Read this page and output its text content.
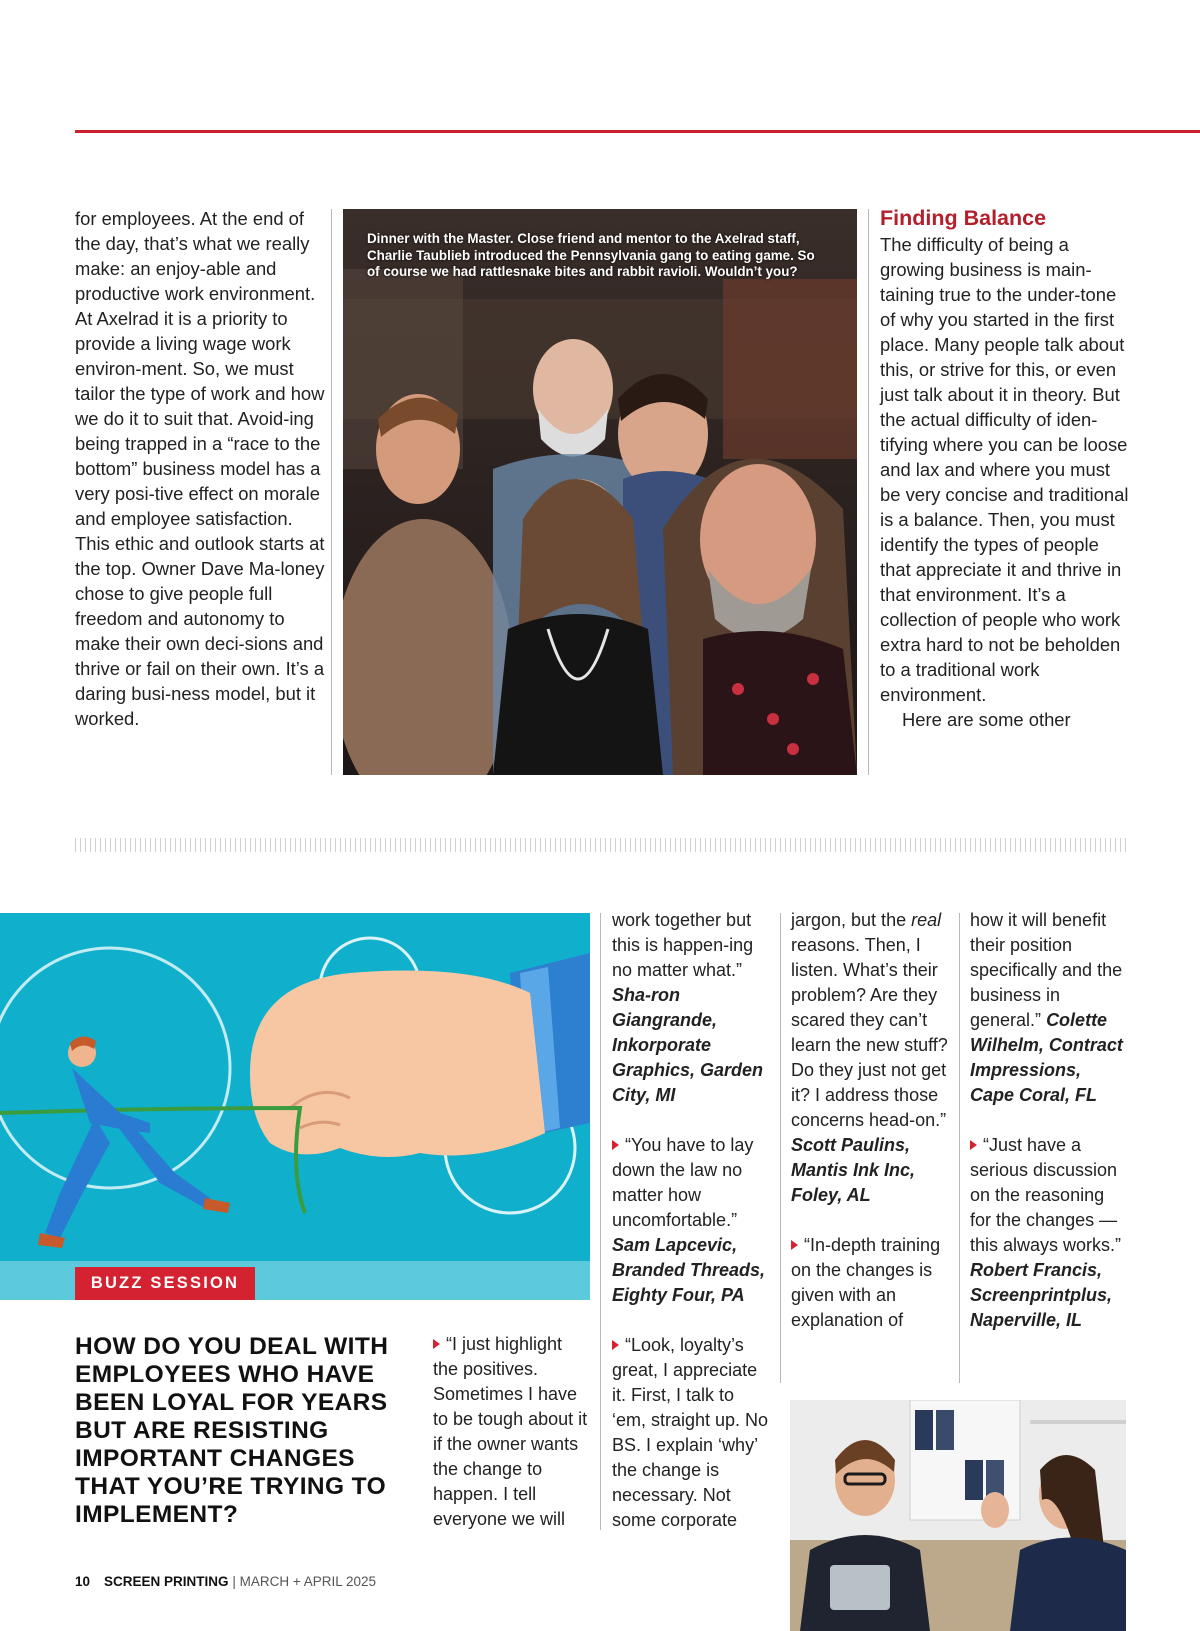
for employees. At the end of the day, that’s what we really make: an enjoy-able and productive work environment. At Axelrad it is a priority to provide a living wage work environ-ment. So, we must tailor the type of work and how we do it to suit that. Avoid-ing being trapped in a “race to the bottom” business model has a very posi-tive effect on morale and employee satisfaction. This ethic and outlook starts at the top. Owner Dave Ma-loney chose to give people full freedom and autonomy to make their own deci-sions and thrive or fail on their own. It’s a daring busi-ness model, but it worked.

Dinner with the Master. Close friend and mentor to the Axelrad staff, Charlie Taublieb introduced the Pennsylvania gang to eating game. So of course we had rattlesnake bites and rabbit ravioli. Wouldn’t you?
Finding Balance

The difficulty of being a growing business is main-taining true to the under-tone of why you started in the first place. Many people talk about this, or strive for this, or even just talk about it in theory. But the actual difficulty of iden-tifying where you can be loose and lax and where you must be very concise and traditional is a balance. Then, you must identify the types of people that appreciate it and thrive in that environment. It’s a collection of people who work extra hard to not be beholden to a traditional work environment.

Here are some other

BUZZ SESSION
HOW DO YOU DEAL WITH EMPLOYEES WHO HAVE BEEN LOYAL FOR YEARS BUT ARE RESISTING IMPORTANT CHANGES THAT YOU’RE TRYING TO IMPLEMENT?
“I just highlight the positives. Sometimes I have to be tough about it if the owner wants the change to happen. I tell everyone we will
work together but this is happen-ing no matter what.” Sha-ron Giangrande, Inkorporate Graphics, Garden City, MI
“You have to lay down the law no matter how uncomfortable.” Sam Lapcevic, Branded Threads, Eighty Four, PA
“Look, loyalty’s great, I appreciate it. First, I talk to ‘em, straight up. No BS. I explain ‘why’ the change is necessary. Not some corporate
jargon, but the real reasons. Then, I listen. What’s their problem? Are they scared they can’t learn the new stuff? Do they just not get it? I address those concerns head-on.” Scott Paulins, Mantis Ink Inc, Foley, AL
“In-depth training on the changes is given with an explanation of
how it will benefit their position specifically and the business in general.” Colette Wilhelm, Contract Impressions, Cape Coral, FL
“Just have a serious discussion on the reasoning for the changes — this always works.” Robert Francis, Screenprintplus, Naperville, IL
10 SCREEN PRINTING | MARCH + APRIL 2025
